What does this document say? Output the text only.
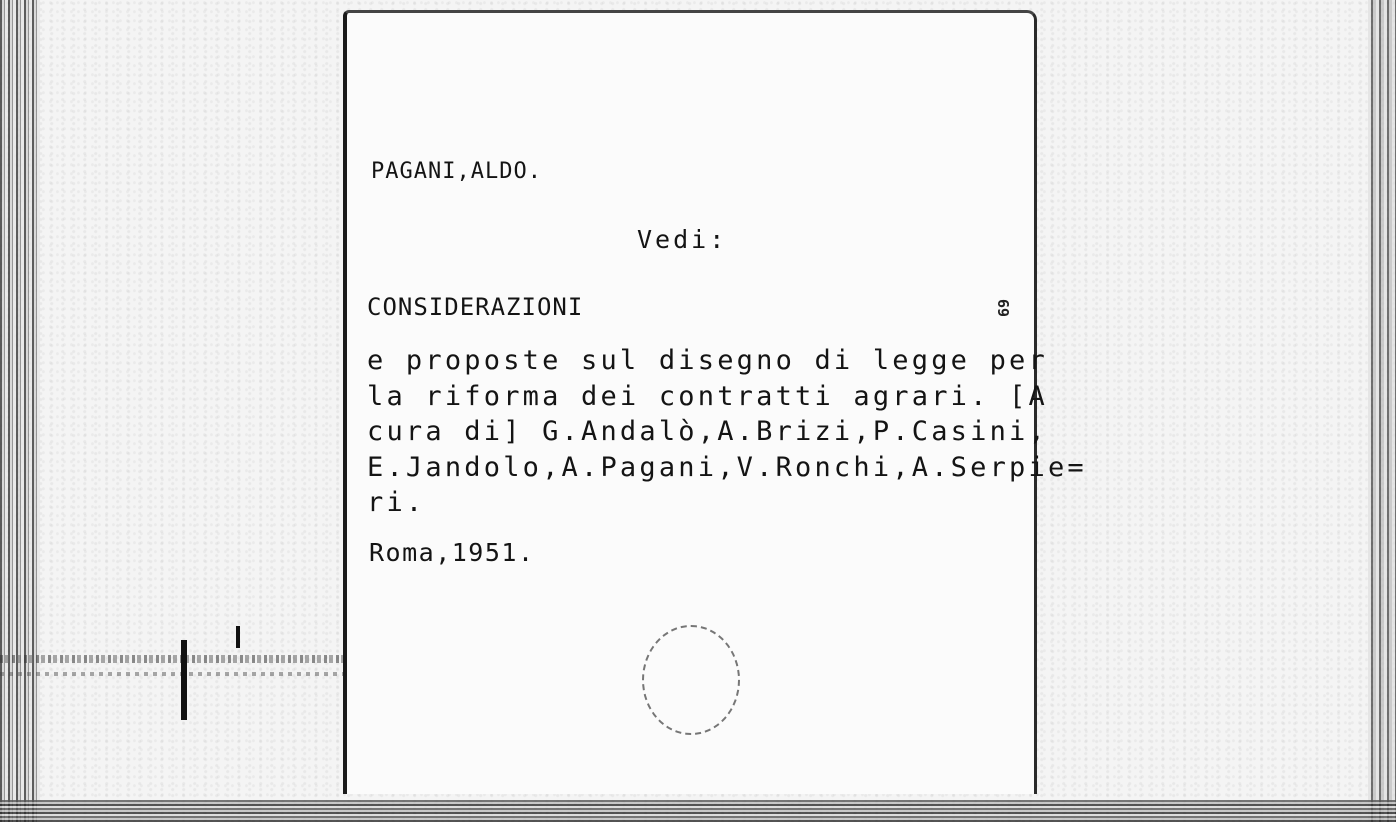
PAGANI,ALDO.
Vedi:
CONSIDERAZIONI
e proposte sul disegno di legge per
la riforma dei contratti agrari. [A
cura di] G.Andalò,A.Brizi,P.Casini,
E.Jandolo,A.Pagani,V.Ronchi,A.Serpie=
ri.
Roma,1951.
69
